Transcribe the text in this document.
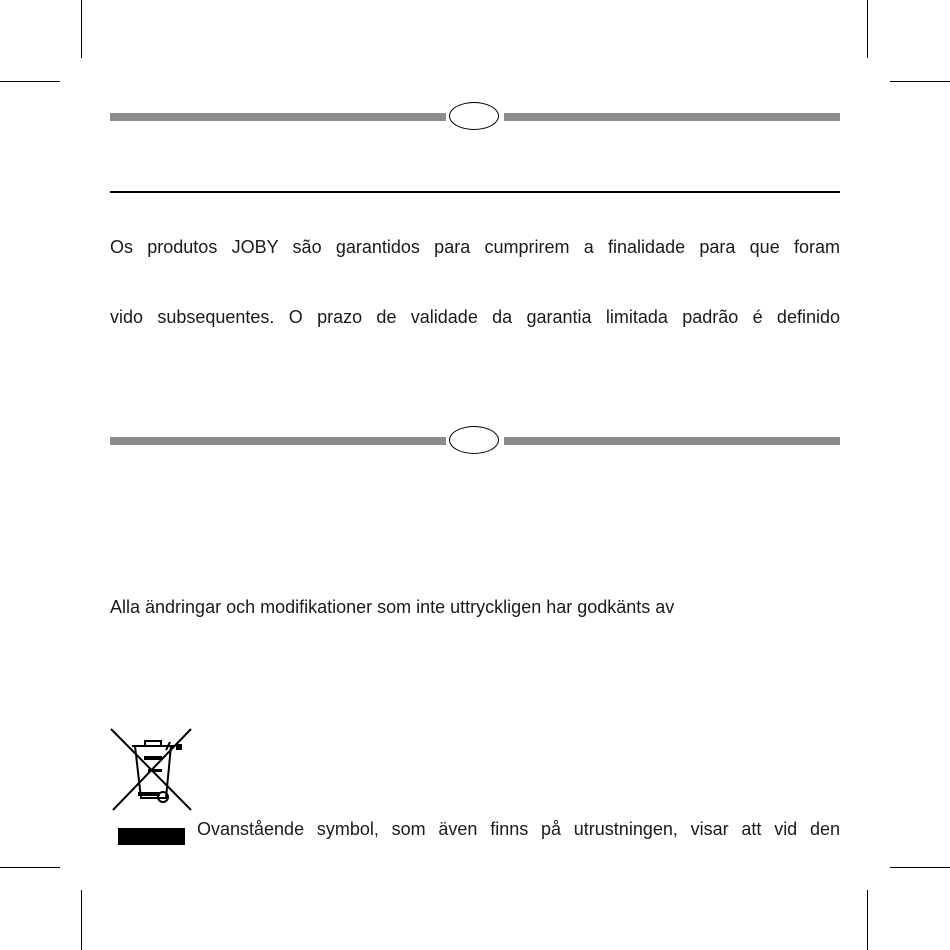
Os produtos JOBY são garantidos para cumprirem a finalidade para que foram

vido subsequentes. O prazo de validade da garantia limitada padrão é definido

Alla ändringar och modifikationer som inte uttryckligen har godkänts av

Ovanstående symbol, som även finns på utrustningen, visar att vid den
